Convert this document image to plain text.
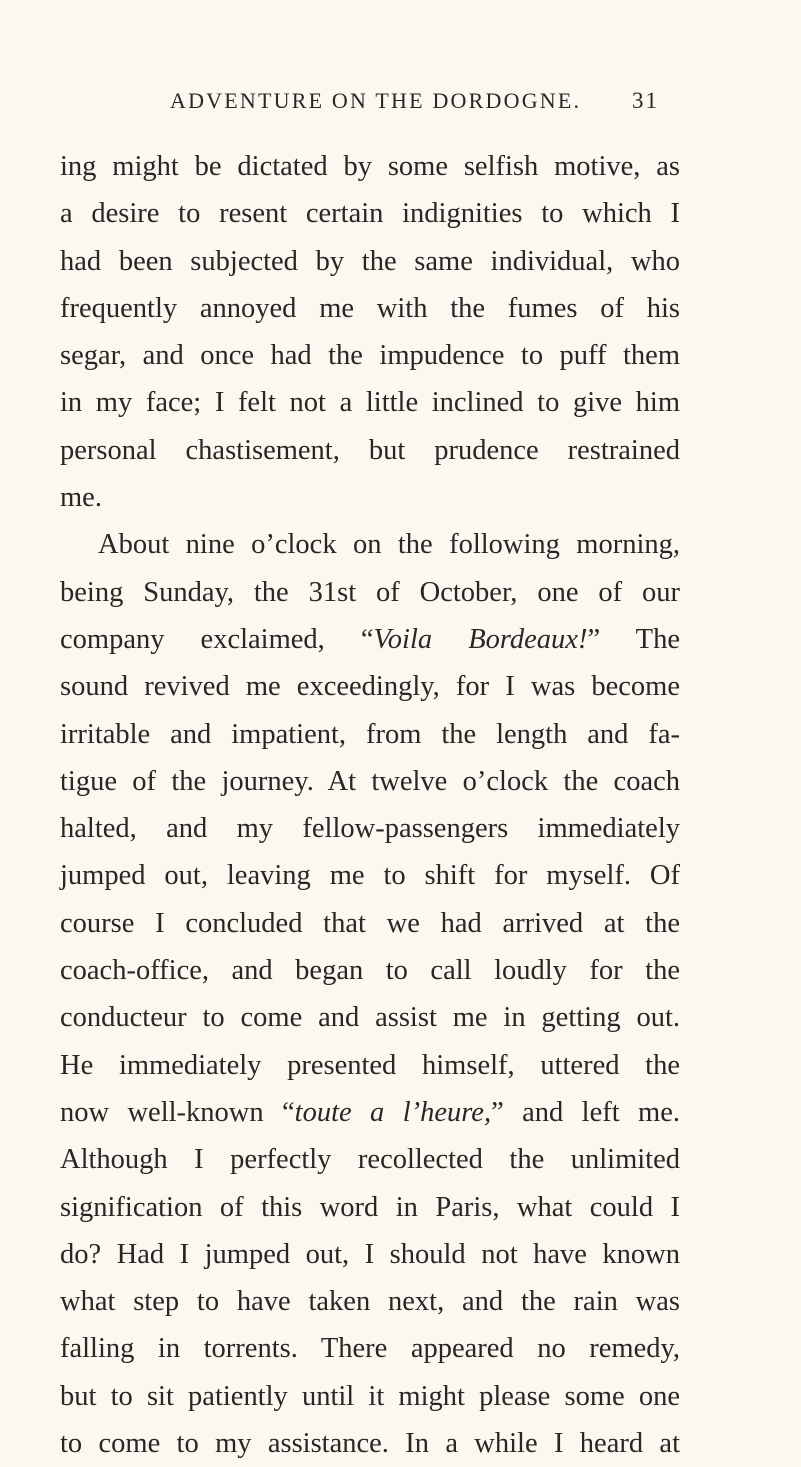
ADVENTURE ON THE DORDOGNE. 31
ing might be dictated by some selfish motive, as
a desire to resent certain indignities to which I
had been subjected by the same individual, who
frequently annoyed me with the fumes of his
segar, and once had the impudence to puff them
in my face; I felt not a little inclined to give him
personal chastisement, but prudence restrained
me.
About nine o’clock on the following morning,
being Sunday, the 31st of October, one of our
company exclaimed, “Voila Bordeaux!” The
sound revived me exceedingly, for I was become
irritable and impatient, from the length and fa-
tigue of the journey. At twelve o’clock the coach
halted, and my fellow-passengers immediately
jumped out, leaving me to shift for myself. Of
course I concluded that we had arrived at the
coach-office, and began to call loudly for the
conducteur to come and assist me in getting out.
He immediately presented himself, uttered the
now well-known “toute a l’heure,” and left me.
Although I perfectly recollected the unlimited
signification of this word in Paris, what could I
do? Had I jumped out, I should not have known
what step to have taken next, and the rain was
falling in torrents. There appeared no remedy,
but to sit patiently until it might please some one
to come to my assistance. In a while I heard at
